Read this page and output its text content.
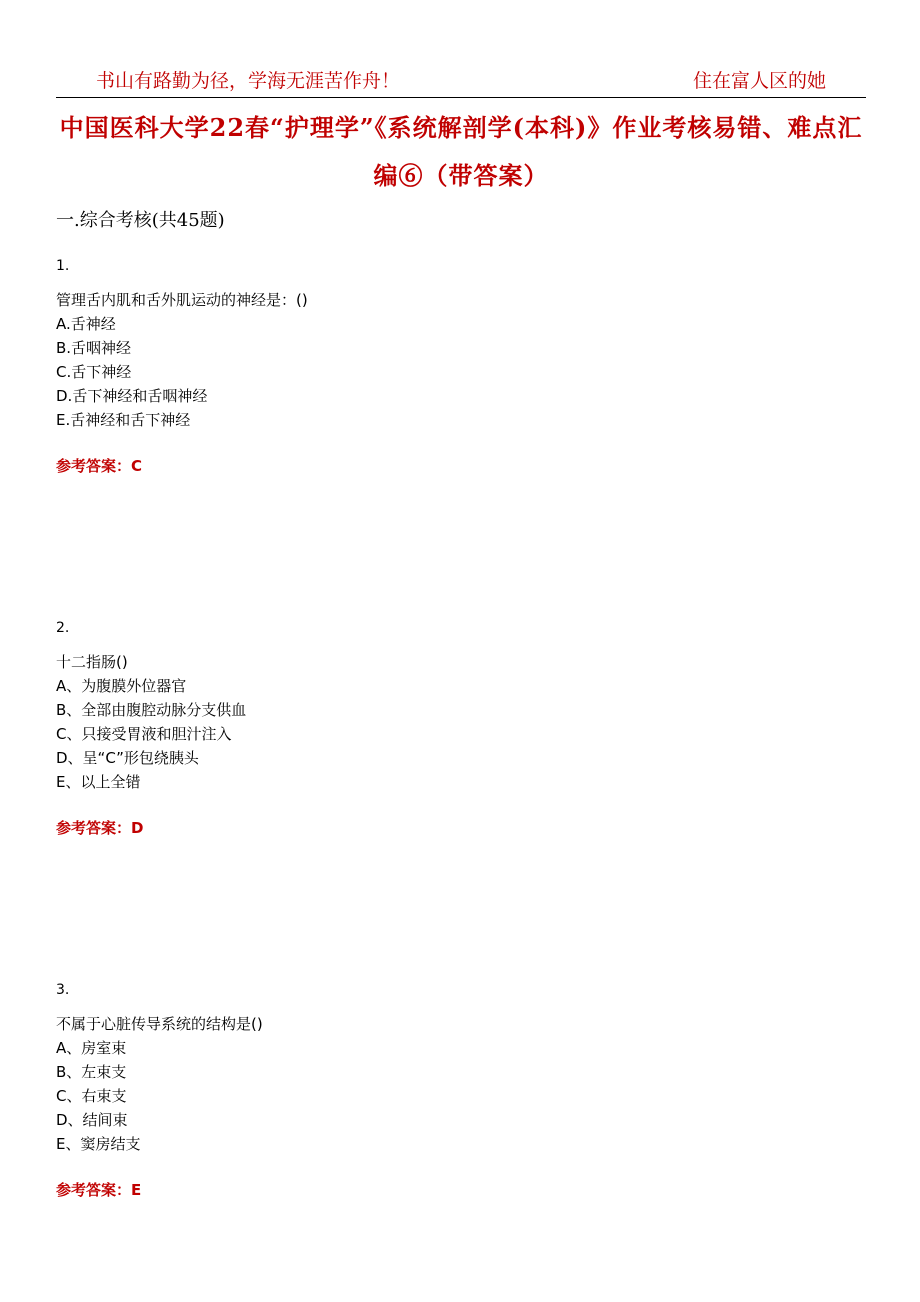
书山有路勤为径，学海无涯苦作舟！	住在富人区的她
中国医科大学22春“护理学”《系统解剖学(本科)》作业考核易错、难点汇编⑥（带答案）
一.综合考核(共45题)
1.
管理舌内肌和舌外肌运动的神经是：()
A.舌神经
B.舌咽神经
C.舌下神经
D.舌下神经和舌咽神经
E.舌神经和舌下神经
参考答案：C
2.
十二指肠()
A、为腹膜外位器官
B、全部由腹腔动脉分支供血
C、只接受胃液和胆汁注入
D、呈“C”形包绕胰头
E、以上全错
参考答案：D
3.
不属于心脏传导系统的结构是()
A、房室束
B、左束支
C、右束支
D、结间束
E、窦房结支
参考答案：E
